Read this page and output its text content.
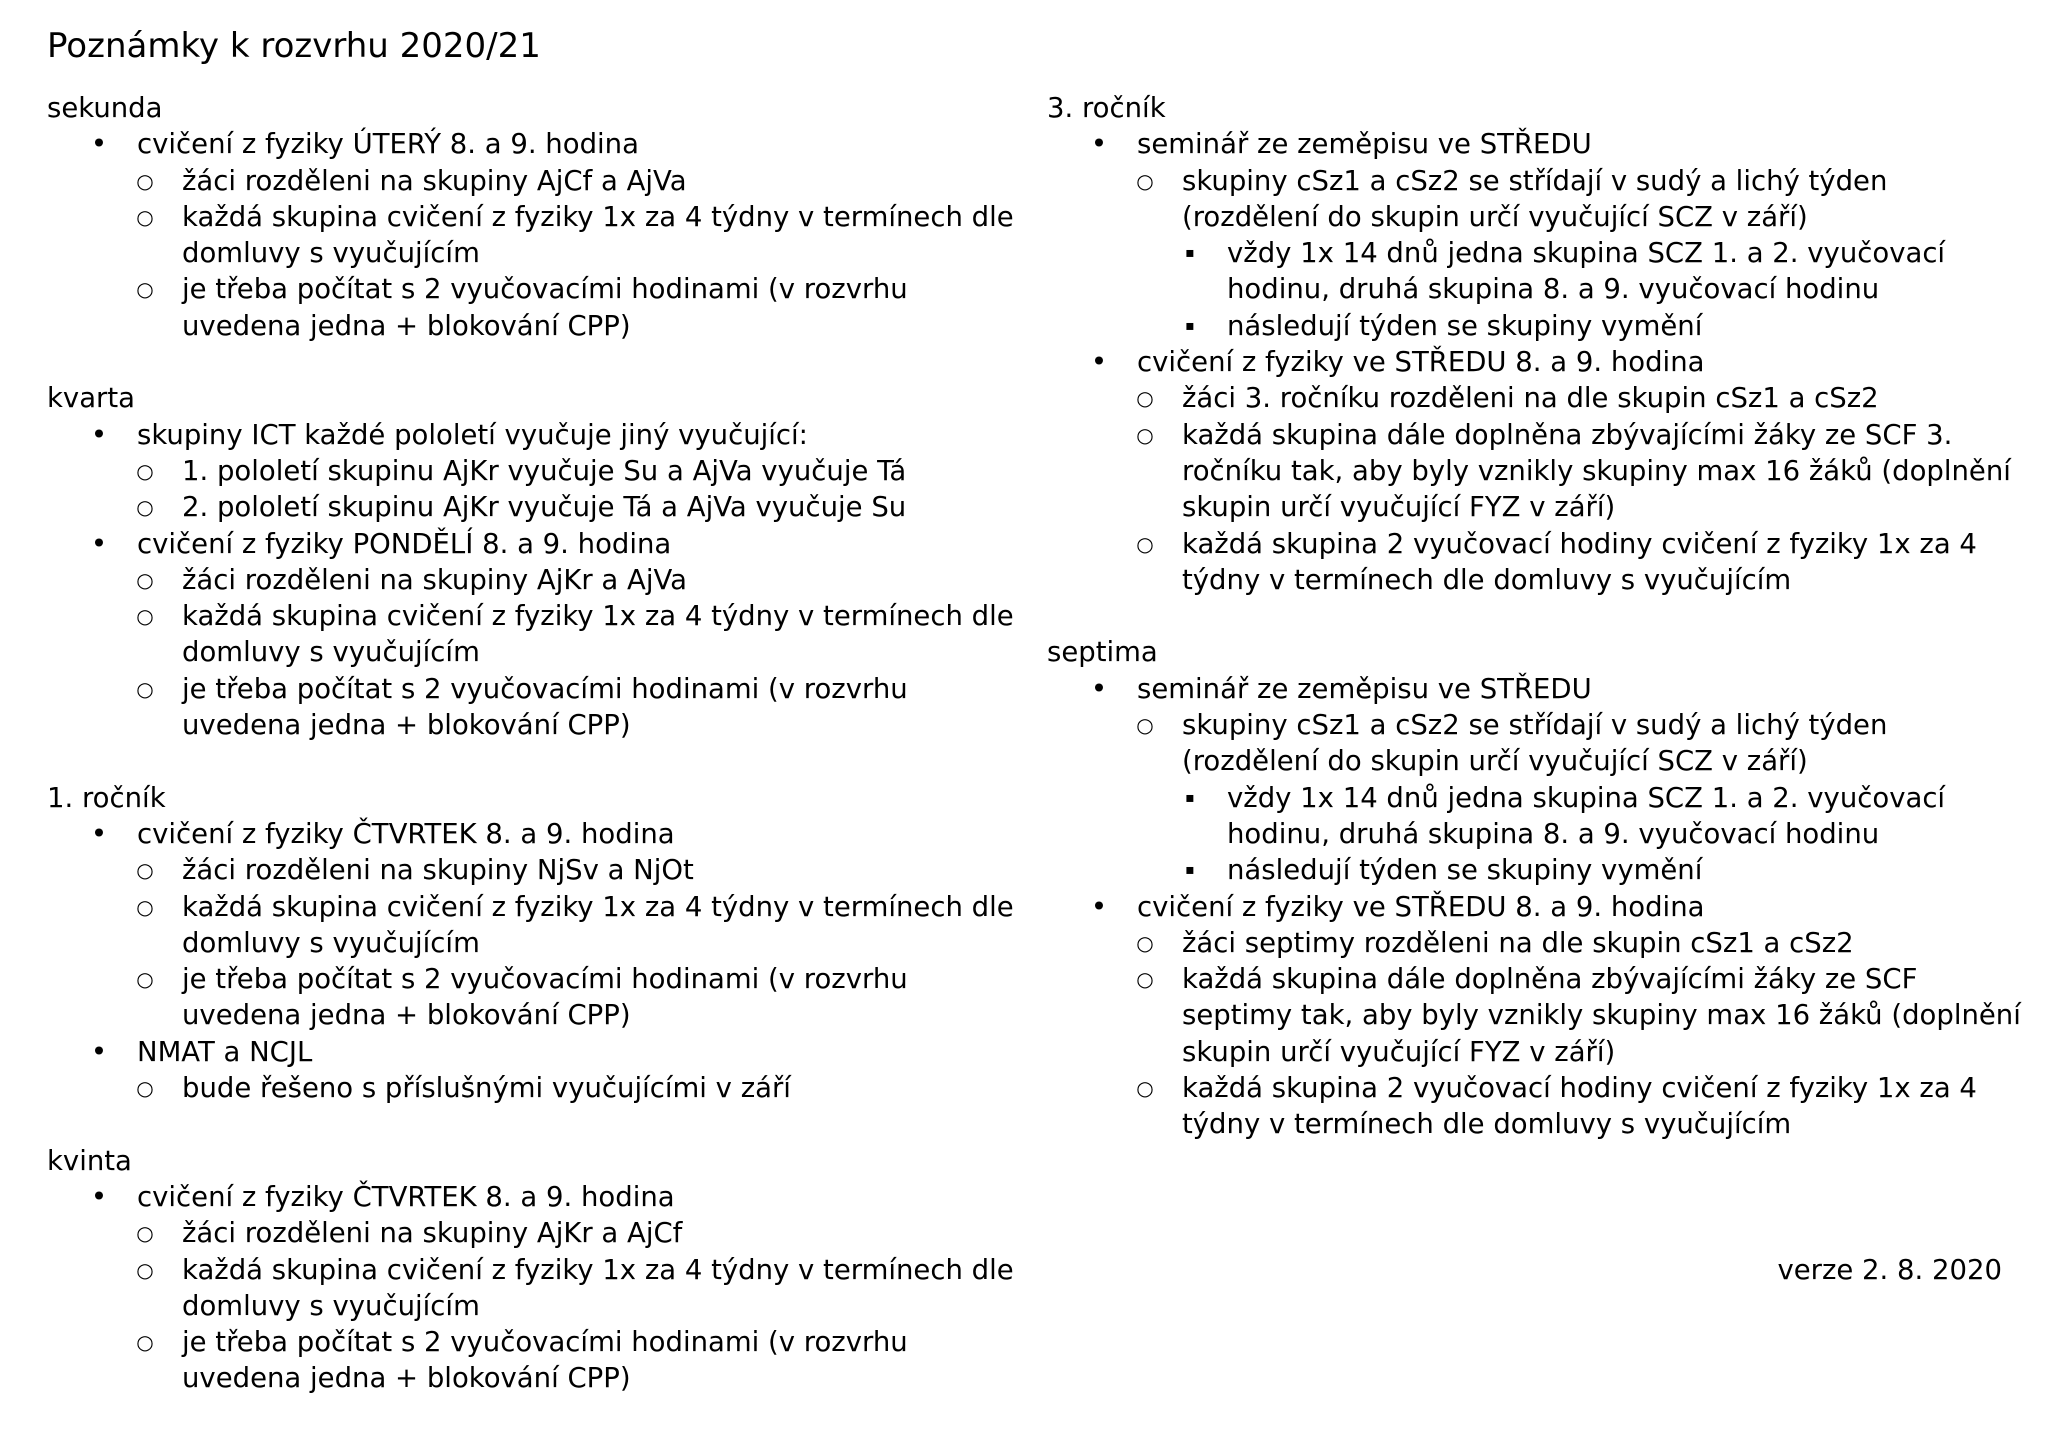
Poznámky k rozvrhu 2020/21
sekunda
• cvičení z fyziky ÚTERÝ 8. a 9. hodina
○ žáci rozděleni na skupiny AjCf a AjVa
○ každá skupina cvičení z fyziky 1x za 4 týdny v termínech dle domluvy s vyučujícím
○ je třeba počítat s 2 vyučovacími hodinami (v rozvrhu uvedena jedna + blokování CPP)
kvarta
• skupiny ICT každé pololetí vyučuje jiný vyučující:
○ 1. pololetí skupinu AjKr vyučuje Su a AjVa vyučuje Tá
○ 2. pololetí skupinu AjKr vyučuje Tá a AjVa vyučuje Su
• cvičení z fyziky PONDĚLÍ 8. a 9. hodina
○ žáci rozděleni na skupiny AjKr a AjVa
○ každá skupina cvičení z fyziky 1x za 4 týdny v termínech dle domluvy s vyučujícím
○ je třeba počítat s 2 vyučovacími hodinami (v rozvrhu uvedena jedna + blokování CPP)
1. ročník
• cvičení z fyziky ČTVRTEK 8. a 9. hodina
○ žáci rozděleni na skupiny NjSv a NjOt
○ každá skupina cvičení z fyziky 1x za 4 týdny v termínech dle domluvy s vyučujícím
○ je třeba počítat s 2 vyučovacími hodinami (v rozvrhu uvedena jedna + blokování CPP)
• NMAT a NCJL
○ bude řešeno s příslušnými vyučujícími v září
kvinta
• cvičení z fyziky ČTVRTEK 8. a 9. hodina
○ žáci rozděleni na skupiny AjKr a AjCf
○ každá skupina cvičení z fyziky 1x za 4 týdny v termínech dle domluvy s vyučujícím
○ je třeba počítat s 2 vyučovacími hodinami (v rozvrhu uvedena jedna + blokování CPP)
3. ročník
• seminář ze zeměpisu ve STŘEDU
○ skupiny cSz1 a cSz2 se střídají v sudý a lichý týden (rozdělení do skupin určí vyučující SCZ v září)
▪ vždy 1x 14 dnů jedna skupina SCZ 1. a 2. vyučovací hodinu, druhá skupina 8. a 9. vyučovací hodinu
▪ následují týden se skupiny vymění
• cvičení z fyziky ve STŘEDU 8. a 9. hodina
○ žáci 3. ročníku rozděleni na dle skupin cSz1 a cSz2
○ každá skupina dále doplněna zbývajícími žáky ze SCF 3. ročníku tak, aby byly vznikly skupiny max 16 žáků (doplnění skupin určí vyučující FYZ v září)
○ každá skupina 2 vyučovací hodiny cvičení z fyziky 1x za 4 týdny v termínech dle domluvy s vyučujícím
septima
• seminář ze zeměpisu ve STŘEDU
○ skupiny cSz1 a cSz2 se střídají v sudý a lichý týden (rozdělení do skupin určí vyučující SCZ v září)
▪ vždy 1x 14 dnů jedna skupina SCZ 1. a 2. vyučovací hodinu, druhá skupina 8. a 9. vyučovací hodinu
▪ následují týden se skupiny vymění
• cvičení z fyziky ve STŘEDU 8. a 9. hodina
○ žáci septimy rozděleni na dle skupin cSz1 a cSz2
○ každá skupina dále doplněna zbývajícími žáky ze SCF septimy tak, aby byly vznikly skupiny max 16 žáků (doplnění skupin určí vyučující FYZ v září)
○ každá skupina 2 vyučovací hodiny cvičení z fyziky 1x za 4 týdny v termínech dle domluvy s vyučujícím
verze 2. 8. 2020
